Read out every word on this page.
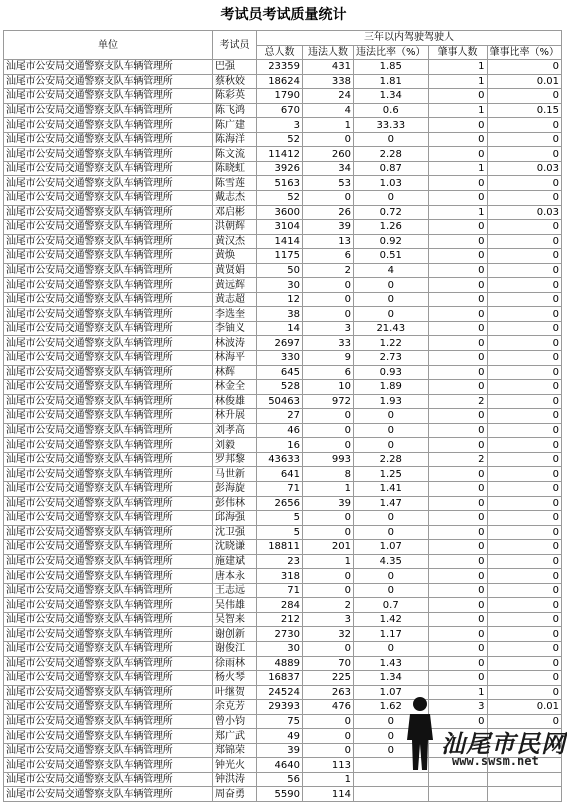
考试员考试质量统计
单位	考试员	三年以内驾驶驾驶人				
		总人数	违法人数	违法比率（%）	肇事人数	肇事比率（%）
汕尾市公安局交通警察支队车辆管理所	巴强	23359	431	1.85	1	0
汕尾市公安局交通警察支队车辆管理所	蔡秋姣	18624	338	1.81	1	0.01
汕尾市公安局交通警察支队车辆管理所	陈彩英	1790	24	1.34	0	0
汕尾市公安局交通警察支队车辆管理所	陈飞鸿	670	4	0.6	1	0.15
汕尾市公安局交通警察支队车辆管理所	陈广建	3	1	33.33	0	0
汕尾市公安局交通警察支队车辆管理所	陈海洋	52	0	0	0	0
汕尾市公安局交通警察支队车辆管理所	陈文流	11412	260	2.28	0	0
汕尾市公安局交通警察支队车辆管理所	陈晓虹	3926	34	0.87	1	0.03
汕尾市公安局交通警察支队车辆管理所	陈雪莲	5163	53	1.03	0	0
汕尾市公安局交通警察支队车辆管理所	戴志杰	52	0	0	0	0
汕尾市公安局交通警察支队车辆管理所	邓启彬	3600	26	0.72	1	0.03
汕尾市公安局交通警察支队车辆管理所	洪朝辉	3104	39	1.26	0	0
汕尾市公安局交通警察支队车辆管理所	黄汉杰	1414	13	0.92	0	0
汕尾市公安局交通警察支队车辆管理所	黄焕	1175	6	0.51	0	0
汕尾市公安局交通警察支队车辆管理所	黄贤娟	50	2	4	0	0
汕尾市公安局交通警察支队车辆管理所	黄远辉	30	0	0	0	0
汕尾市公安局交通警察支队车辆管理所	黄志超	12	0	0	0	0
汕尾市公安局交通警察支队车辆管理所	李选奎	38	0	0	0	0
汕尾市公安局交通警察支队车辆管理所	李铀义	14	3	21.43	0	0
汕尾市公安局交通警察支队车辆管理所	林波涛	2697	33	1.22	0	0
汕尾市公安局交通警察支队车辆管理所	林海平	330	9	2.73	0	0
汕尾市公安局交通警察支队车辆管理所	林辉	645	6	0.93	0	0
汕尾市公安局交通警察支队车辆管理所	林金全	528	10	1.89	0	0
汕尾市公安局交通警察支队车辆管理所	林俊雄	50463	972	1.93	2	0
汕尾市公安局交通警察支队车辆管理所	林升展	27	0	0	0	0
汕尾市公安局交通警察支队车辆管理所	刘孝高	46	0	0	0	0
汕尾市公安局交通警察支队车辆管理所	刘毅	16	0	0	0	0
汕尾市公安局交通警察支队车辆管理所	罗邦黎	43633	993	2.28	2	0
汕尾市公安局交通警察支队车辆管理所	马世新	641	8	1.25	0	0
汕尾市公安局交通警察支队车辆管理所	彭海旋	71	1	1.41	0	0
汕尾市公安局交通警察支队车辆管理所	彭伟林	2656	39	1.47	0	0
汕尾市公安局交通警察支队车辆管理所	邱海强	5	0	0	0	0
汕尾市公安局交通警察支队车辆管理所	沈卫强	5	0	0	0	0
汕尾市公安局交通警察支队车辆管理所	沈晓谦	18811	201	1.07	0	0
汕尾市公安局交通警察支队车辆管理所	施建斌	23	1	4.35	0	0
汕尾市公安局交通警察支队车辆管理所	唐本永	318	0	0	0	0
汕尾市公安局交通警察支队车辆管理所	王志远	71	0	0	0	0
汕尾市公安局交通警察支队车辆管理所	吴伟雄	284	2	0.7	0	0
汕尾市公安局交通警察支队车辆管理所	吴智来	212	3	1.42	0	0
汕尾市公安局交通警察支队车辆管理所	谢创新	2730	32	1.17	0	0
汕尾市公安局交通警察支队车辆管理所	谢俊江	30	0	0	0	0
汕尾市公安局交通警察支队车辆管理所	徐雨林	4889	70	1.43	0	0
汕尾市公安局交通警察支队车辆管理所	杨火琴	16837	225	1.34	0	0
汕尾市公安局交通警察支队车辆管理所	叶继贺	24524	263	1.07	1	0
汕尾市公安局交通警察支队车辆管理所	余克芳	29393	476	1.62	3	0.01
汕尾市公安局交通警察支队车辆管理所	曾小钧	75	0	0	0	0
汕尾市公安局交通警察支队车辆管理所	郑广武	49	0	0		
汕尾市公安局交通警察支队车辆管理所	郑锦荣	39	0	0		
汕尾市公安局交通警察支队车辆管理所	钟光火	4640	113			
汕尾市公安局交通警察支队车辆管理所	钟洪涛	56	1			
汕尾市公安局交通警察支队车辆管理所	周奋勇	5590	114			
汕尾市民网
www.swsm.net
